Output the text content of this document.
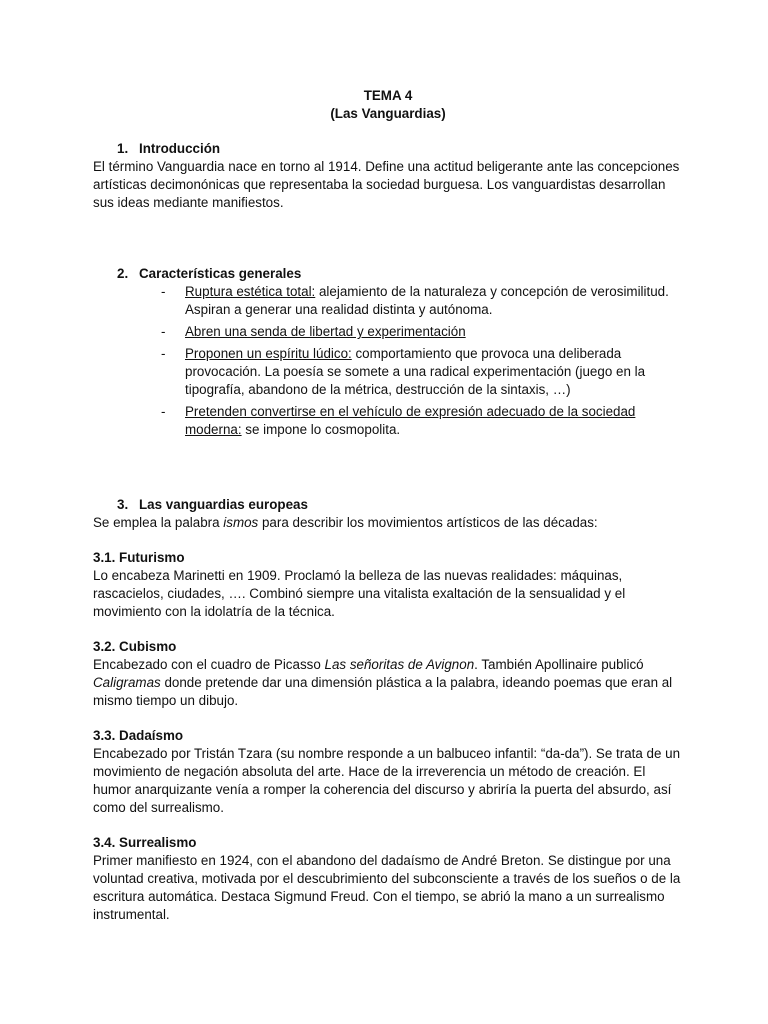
TEMA 4
(Las Vanguardias)
1. Introducción

El término Vanguardia nace en torno al 1914. Define una actitud beligerante ante las concepciones artísticas decimonónicas que representaba la sociedad burguesa. Los vanguardistas desarrollan sus ideas mediante manifiestos.

2. Características generales
- Ruptura estética total: alejamiento de la naturaleza y concepción de verosimilitud. Aspiran a generar una realidad distinta y autónoma.
- Abren una senda de libertad y experimentación
- Proponen un espíritu lúdico: comportamiento que provoca una deliberada provocación. La poesía se somete a una radical experimentación (juego en la tipografía, abandono de la métrica, destrucción de la sintaxis, …)
- Pretenden convertirse en el vehículo de expresión adecuado de la sociedad moderna: se impone lo cosmopolita.
3. Las vanguardias europeas

Se emplea la palabra ismos para describir los movimientos artísticos de las décadas:

3.1. Futurismo

Lo encabeza Marinetti en 1909. Proclamó la belleza de las nuevas realidades: máquinas, rascacielos, ciudades, …. Combinó siempre una vitalista exaltación de la sensualidad y el movimiento con la idolatría de la técnica.

3.2. Cubismo

Encabezado con el cuadro de Picasso Las señoritas de Avignon. También Apollinaire publicó Caligramas donde pretende dar una dimensión plástica a la palabra, ideando poemas que eran al mismo tiempo un dibujo.

3.3. Dadaísmo

Encabezado por Tristán Tzara (su nombre responde a un balbuceo infantil: “da-da”). Se trata de un movimiento de negación absoluta del arte. Hace de la irreverencia un método de creación. El humor anarquizante venía a romper la coherencia del discurso y abriría la puerta del absurdo, así como del surrealismo.

3.4. Surrealismo

Primer manifiesto en 1924, con el abandono del dadaísmo de André Breton. Se distingue por una voluntad creativa, motivada por el descubrimiento del subconsciente a través de los sueños o de la escritura automática. Destaca Sigmund Freud. Con el tiempo, se abrió la mano a un surrealismo instrumental.
